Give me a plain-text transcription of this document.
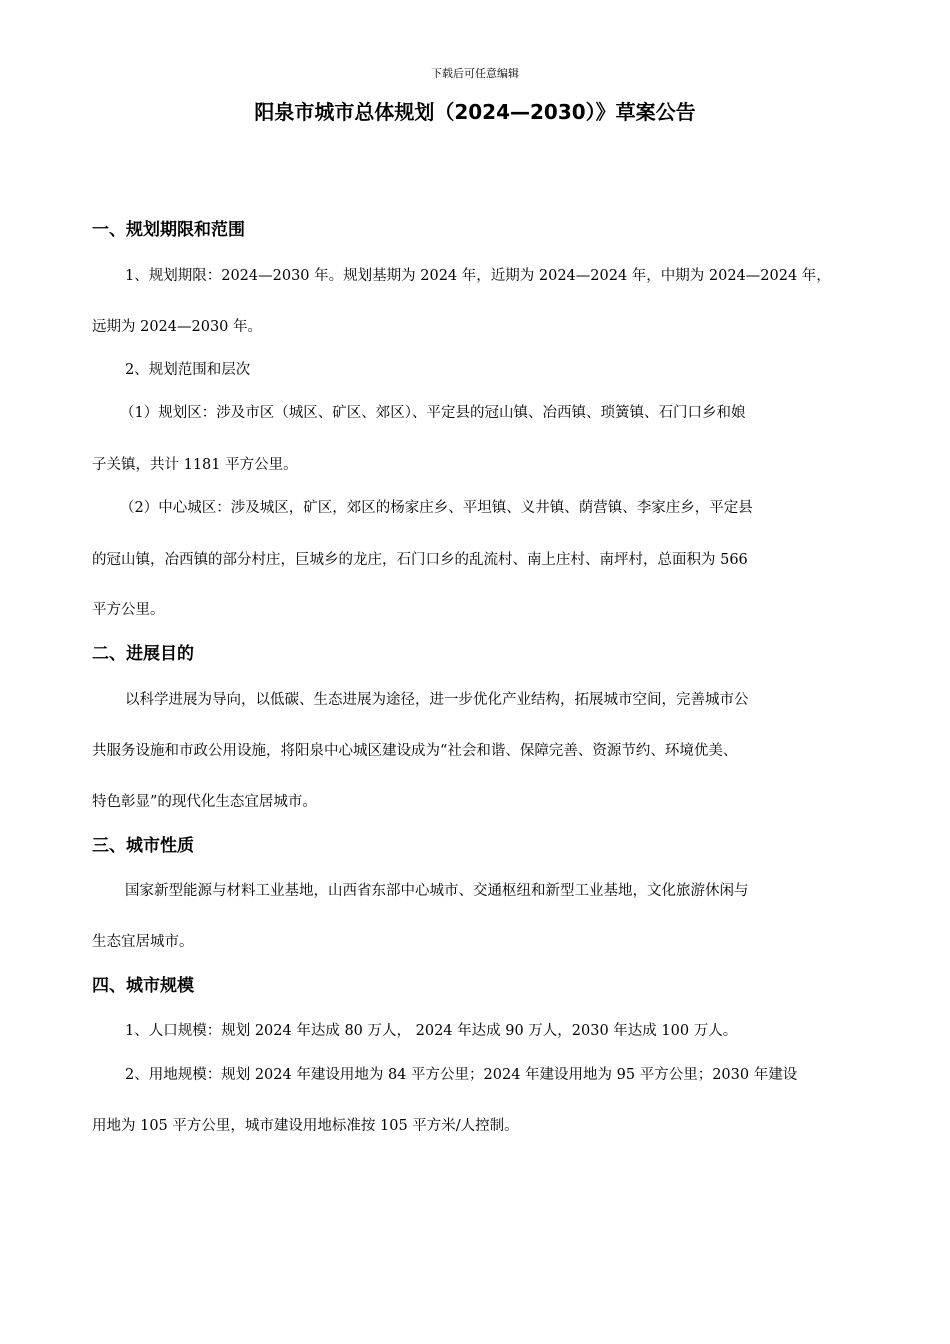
下载后可任意编辑
阳泉市城市总体规划（2024—2030）》草案公告
一、规划期限和范围

1、规划期限：2024—2030 年。规划基期为 2024 年，近期为 2024—2024 年，中期为 2024—2024 年，

远期为 2024—2030 年。

2、规划范围和层次

（1）规划区：涉及市区（城区、矿区、郊区）、平定县的冠山镇、冶西镇、琐簧镇、石门口乡和娘

子关镇，共计 1181 平方公里。

（2）中心城区：涉及城区，矿区，郊区的杨家庄乡、平坦镇、义井镇、荫营镇、李家庄乡，平定县

的冠山镇，冶西镇的部分村庄，巨城乡的龙庄，石门口乡的乱流村、南上庄村、南坪村，总面积为 566

平方公里。

二、进展目的

以科学进展为导向，以低碳、生态进展为途径，进一步优化产业结构，拓展城市空间，完善城市公

共服务设施和市政公用设施，将阳泉中心城区建设成为“社会和谐、保障完善、资源节约、环境优美、

特色彰显”的现代化生态宜居城市。

三、城市性质

国家新型能源与材料工业基地，山西省东部中心城市、交通枢纽和新型工业基地，文化旅游休闲与

生态宜居城市。

四、城市规模

1、人口规模：规划 2024 年达成 80 万人， 2024 年达成 90 万人，2030 年达成 100 万人。

2、用地规模：规划 2024 年建设用地为 84 平方公里；2024 年建设用地为 95 平方公里；2030 年建设

用地为 105 平方公里，城市建设用地标准按 105 平方米/人控制。
